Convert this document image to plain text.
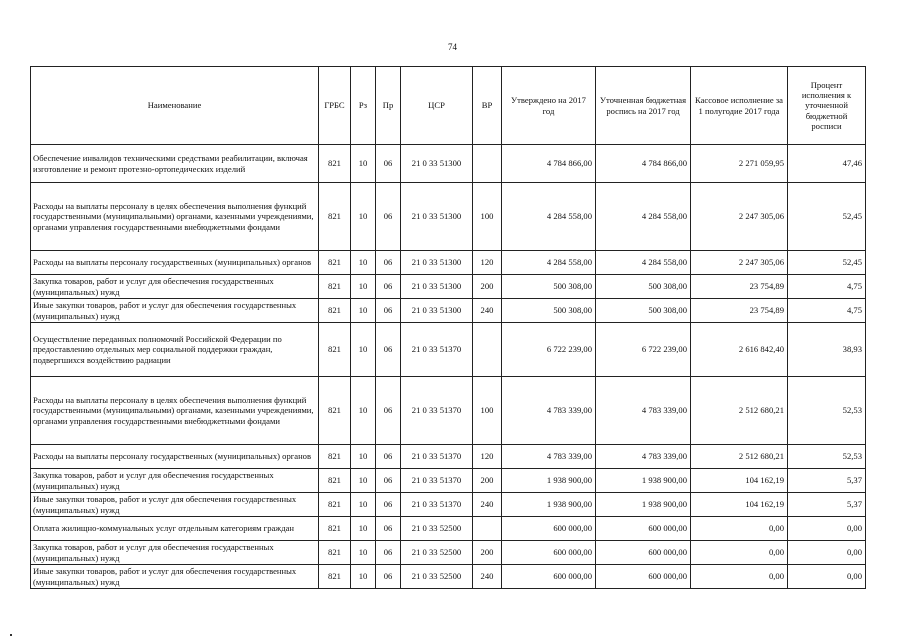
74
Наименование	ГРБС	Рз	Пр	ЦСР	ВР	Утверждено на 2017 год	Уточненная бюджетная роспись на 2017 год	Кассовое исполнение за 1 полугодие 2017 года	Процент исполнения к уточненной бюджетной росписи
Обеспечение инвалидов техническими средствами реабилитации, включая изготовление и ремонт протезно-ортопедических изделий	821	10	06	21 0 33 51300		4 784 866,00	4 784 866,00	2 271 059,95	47,46
Расходы на выплаты персоналу в целях обеспечения выполнения функций государственными (муниципальными) органами, казенными учреждениями, органами управления государственными внебюджетными фондами	821	10	06	21 0 33 51300	100	4 284 558,00	4 284 558,00	2 247 305,06	52,45
Расходы на выплаты персоналу государственных (муниципальных) органов	821	10	06	21 0 33 51300	120	4 284 558,00	4 284 558,00	2 247 305,06	52,45
Закупка товаров, работ и услуг для обеспечения государственных (муниципальных) нужд	821	10	06	21 0 33 51300	200	500 308,00	500 308,00	23 754,89	4,75
Иные закупки товаров, работ и услуг для обеспечения государственных (муниципальных) нужд	821	10	06	21 0 33 51300	240	500 308,00	500 308,00	23 754,89	4,75
Осуществление переданных полномочий Российской Федерации по предоставлению отдельных мер социальной поддержки граждан, подвергшихся воздействию радиации	821	10	06	21 0 33 51370		6 722 239,00	6 722 239,00	2 616 842,40	38,93
Расходы на выплаты персоналу в целях обеспечения выполнения функций государственными (муниципальными) органами, казенными учреждениями, органами управления государственными внебюджетными фондами	821	10	06	21 0 33 51370	100	4 783 339,00	4 783 339,00	2 512 680,21	52,53
Расходы на выплаты персоналу государственных (муниципальных) органов	821	10	06	21 0 33 51370	120	4 783 339,00	4 783 339,00	2 512 680,21	52,53
Закупка товаров, работ и услуг для обеспечения государственных (муниципальных) нужд	821	10	06	21 0 33 51370	200	1 938 900,00	1 938 900,00	104 162,19	5,37
Иные закупки товаров, работ и услуг для обеспечения государственных (муниципальных) нужд	821	10	06	21 0 33 51370	240	1 938 900,00	1 938 900,00	104 162,19	5,37
Оплата жилищно-коммунальных услуг отдельным категориям граждан	821	10	06	21 0 33 52500		600 000,00	600 000,00	0,00	0,00
Закупка товаров, работ и услуг для обеспечения государственных (муниципальных) нужд	821	10	06	21 0 33 52500	200	600 000,00	600 000,00	0,00	0,00
Иные закупки товаров, работ и услуг для обеспечения государственных (муниципальных) нужд	821	10	06	21 0 33 52500	240	600 000,00	600 000,00	0,00	0,00
